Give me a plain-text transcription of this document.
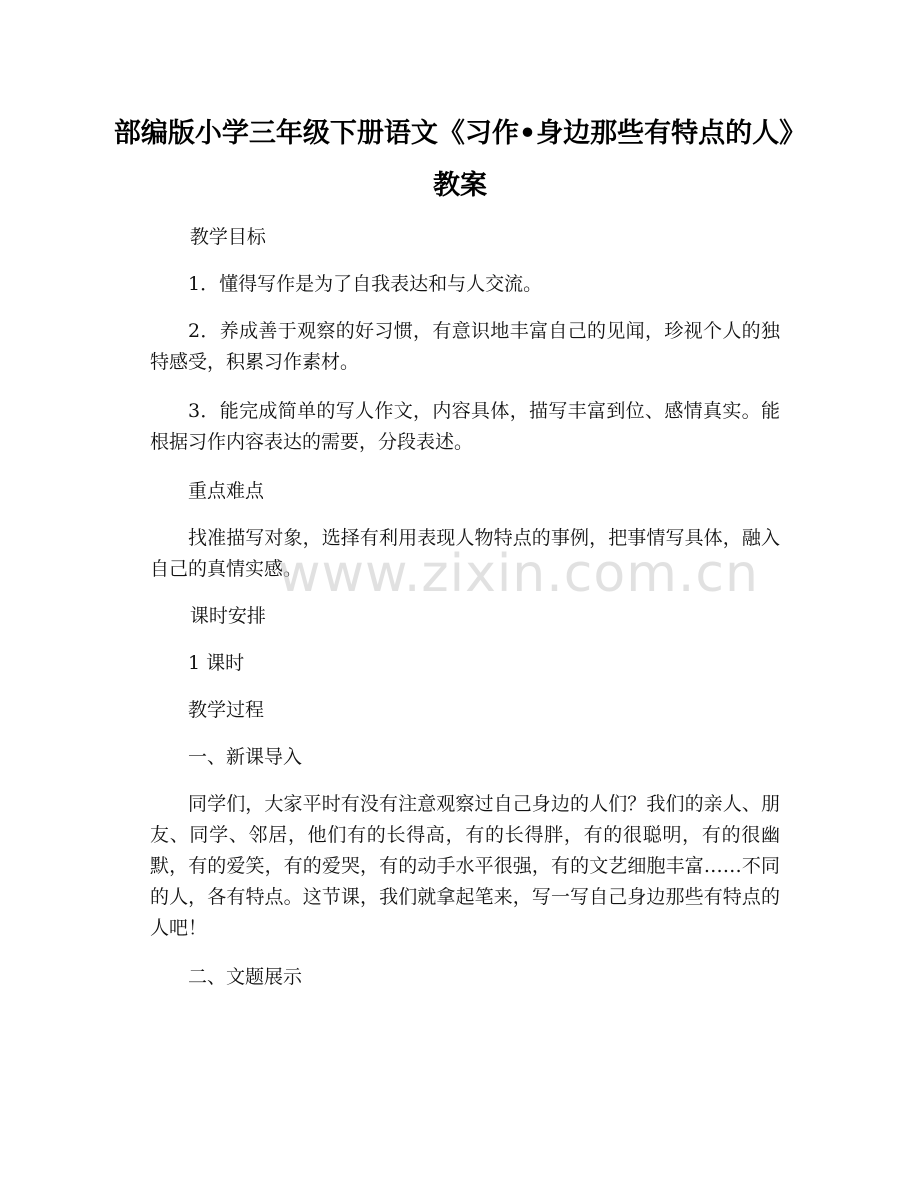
部编版小学三年级下册语文《习作•身边那些有特点的人》教案

教学目标

1．懂得写作是为了自我表达和与人交流。

2．养成善于观察的好习惯，有意识地丰富自己的见闻，珍视个人的独特感受，积累习作素材。

3．能完成简单的写人作文，内容具体，描写丰富到位、感情真实。能根据习作内容表达的需要，分段表述。

重点难点

找准描写对象，选择有利用表现人物特点的事例，把事情写具体，融入自己的真情实感。

课时安排

1 课时

教学过程

一、新课导入

同学们，大家平时有没有注意观察过自己身边的人们？我们的亲人、朋友、同学、邻居，他们有的长得高，有的长得胖，有的很聪明，有的很幽默，有的爱笑，有的爱哭，有的动手水平很强，有的文艺细胞丰富……不同的人，各有特点。这节课，我们就拿起笔来，写一写自己身边那些有特点的人吧！

二、文题展示

www.zixin.com.cn
